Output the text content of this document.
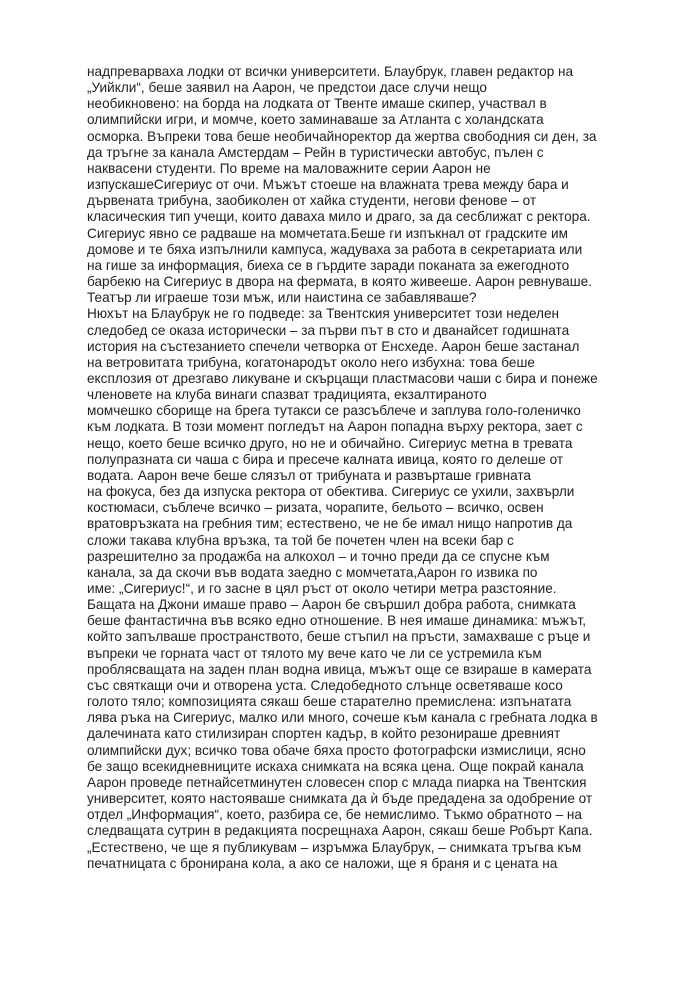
надпреварваха лодки от всички университети. Блаубрук, главен редактор на
„Уийкли“, беше заявил на Аарон, че предстои дасе случи нещо
необикновено: на борда на лодката от Твенте имаше скипер, участвал в
олимпийски игри, и момче, което заминаваше за Атланта с холандската
осморка. Въпреки това беше необичайноректор да жертва свободния си ден, за
да тръгне за канала Амстердам – Рейн в туристически автобус, пълен с
наквасени студенти. По време на маловажните серии Аарон не
изпускашеСигериус от очи. Мъжът стоеше на влажната трева между бара и
дървената трибуна, заобиколен от хайка студенти, негови фенове – от
класическия тип учещи, които даваха мило и драго, за да сесближат с ректора.
Сигериус явно се радваше на момчетата.Беше ги изпъкнал от градските им
домове и те бяха изпълнили кампуса, жадуваха за работа в секретариата или
на гише за информация, биеха се в гърдите заради поканата за ежегодното
барбекю на Сигериус в двора на фермата, в която живееше. Аарон ревнуваше.
Театър ли играеше този мъж, или наистина се забавляваше?
Нюхът на Блаубрук не го подведе: за Твентския университет този неделен
следобед се оказа исторически – за първи път в сто и дванайсет годишната
история на състезанието спечели четворка от Енсхеде. Аарон беше застанал
на ветровитата трибуна, когатонародът около него избухна: това беше
експлозия от дрезгаво ликуване и скърцащи пластмасови чаши с бира и понеже
членовете на клуба винаги спазват традицията, екзалтираното
момчешко сборище на брега тутакси се разсъблече и заплува голо-голеничко
към лодката. В този момент погледът на Аарон попадна върху ректора, зает с
нещо, което беше всичко друго, но не и обичайно. Сигериус метна в тревата
полупразната си чаша с бира и пресече калната ивица, която го делеше от
водата. Аарон вече беше слязъл от трибуната и развърташе гривната
на фокуса, без да изпуска ректора от обектива. Сигериус се ухили, захвърли
костюмаси, съблече всичко – ризата, чорапите, бельото – всичко, освен
вратовръзката на гребния тим; естествено, че не бе имал нищо напротив да
сложи такава клубна връзка, та той бе почетен член на всеки бар с
разрешително за продажба на алкохол – и точно преди да се спусне към
канала, за да скочи във водата заедно с момчетата,Аарон го извика по
име: „Сигериус!“, и го засне в цял ръст от около четири метра разстояние.
Бащата на Джони имаше право – Аарон бе свършил добра работа, снимката
беше фантастична във всяко едно отношение. В нея имаше динамика: мъжът,
който запълваше пространството, беше стъпил на пръсти, замахваше с ръце и
въпреки че горната част от тялото му вече като че ли се устремила към
проблясващата на заден план водна ивица, мъжът още се взираше в камерата
със святкащи очи и отворена уста. Следобедното слънце осветяваше косо
голото тяло; композицията сякаш беше старателно премислена: изпънатата
лява ръка на Сигериус, малко или много, сочеше към канала с гребната лодка в
далечината като стилизиран спортен кадър, в който резонираше древният
олимпийски дух; всичко това обаче бяха просто фотографски измислици, ясно
бе защо всекидневниците искаха снимката на всяка цена. Още покрай канала
Аарон проведе петнайсетминутен словесен спор с млада пиарка на Твентския
университет, която настояваше снимката да ѝ бъде предадена за одобрение от
отдел „Информация“, което, разбира се, бе немислимо. Тъкмо обратното – на
следващата сутрин в редакцията посрещнаха Аарон, сякаш беше Робърт Капа.
„Естествено, че ще я публикувам – изръмжа Блаубрук, – снимката тръгва към
печатницата с бронирана кола, а ако се наложи, ще я браня и с цената на
